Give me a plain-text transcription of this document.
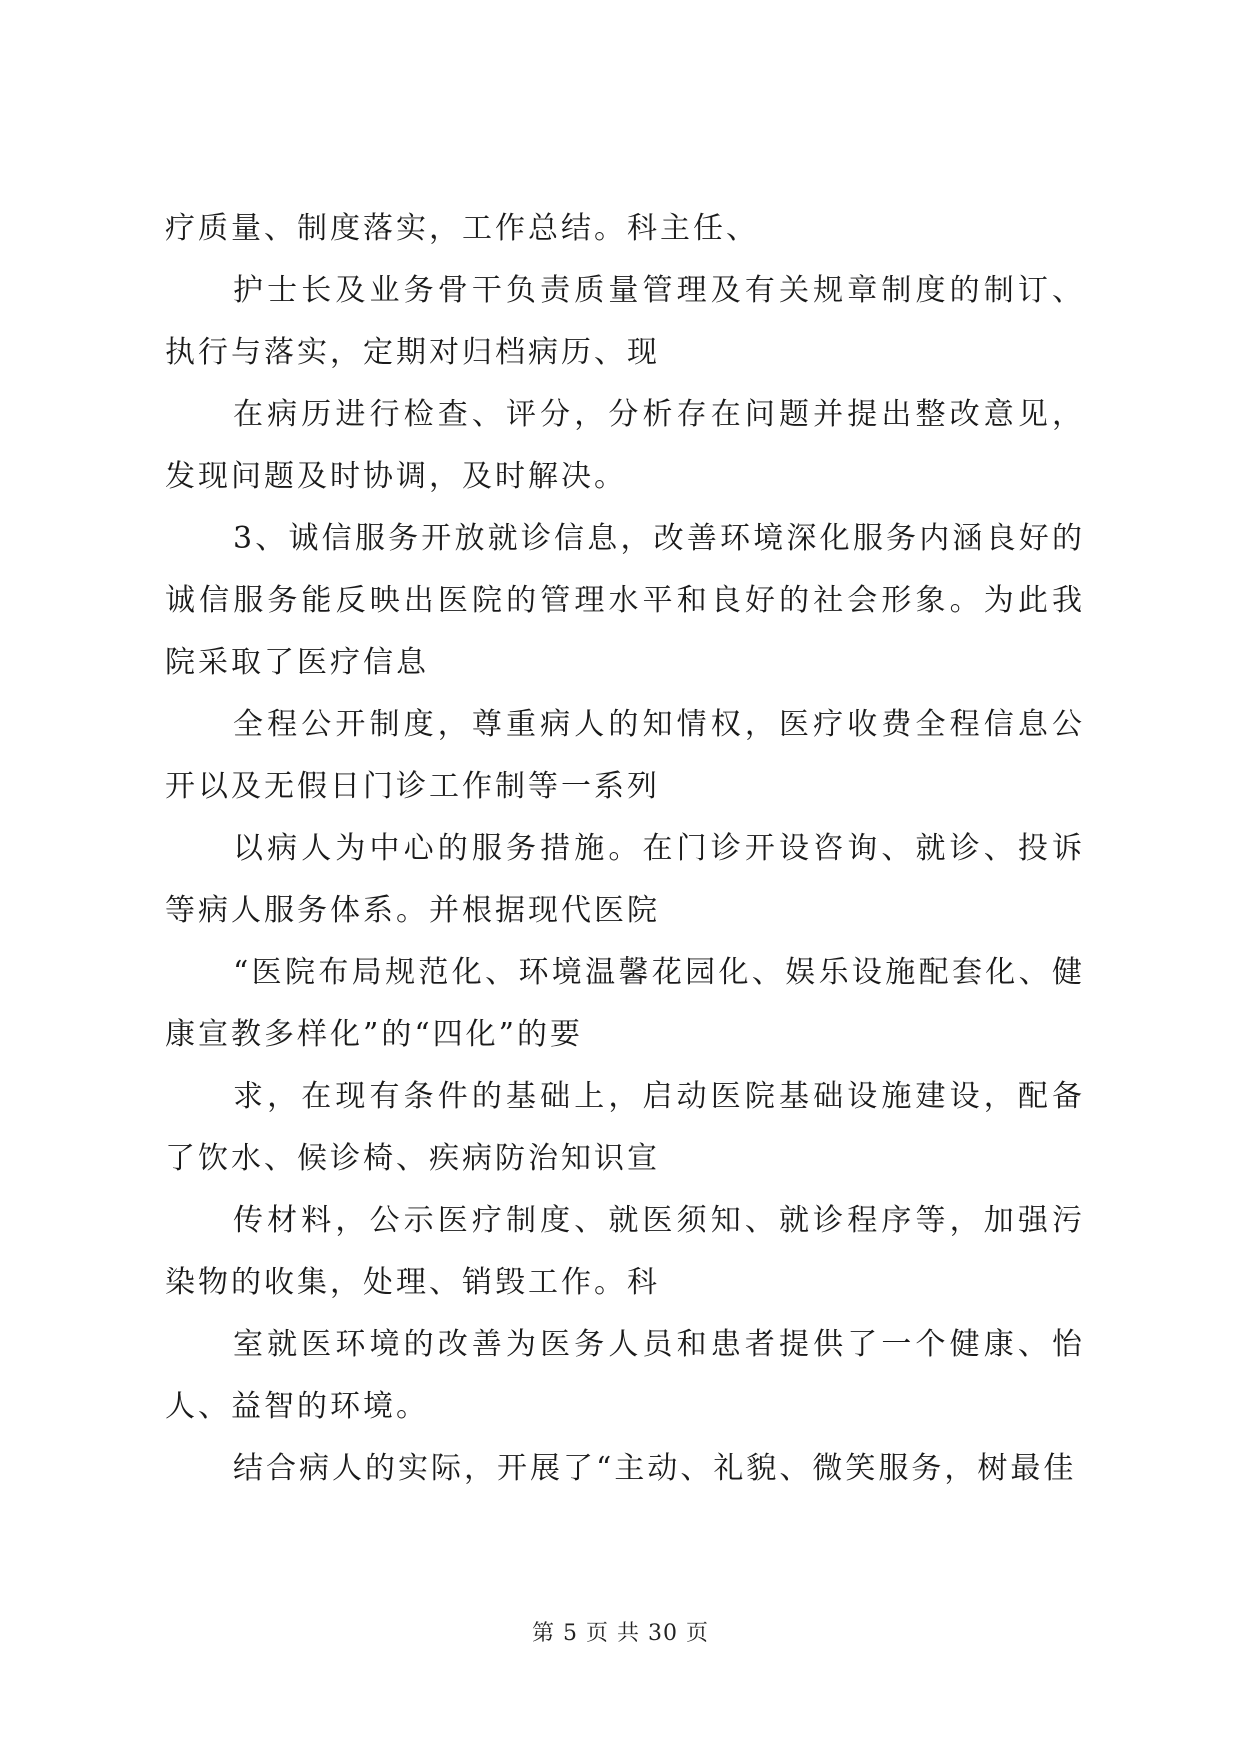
疗质量、制度落实，工作总结。科主任、

护士长及业务骨干负责质量管理及有关规章制度的制订、执行与落实，定期对归档病历、现

在病历进行检查、评分，分析存在问题并提出整改意见，发现问题及时协调，及时解决。

3、诚信服务开放就诊信息，改善环境深化服务内涵良好的诚信服务能反映出医院的管理水平和良好的社会形象。为此我院采取了医疗信息

全程公开制度，尊重病人的知情权，医疗收费全程信息公开以及无假日门诊工作制等一系列

以病人为中心的服务措施。在门诊开设咨询、就诊、投诉等病人服务体系。并根据现代医院

“医院布局规范化、环境温馨花园化、娱乐设施配套化、健康宣教多样化”的“四化”的要

求，在现有条件的基础上，启动医院基础设施建设，配备了饮水、候诊椅、疾病防治知识宣

传材料，公示医疗制度、就医须知、就诊程序等，加强污染物的收集，处理、销毁工作。科

室就医环境的改善为医务人员和患者提供了一个健康、怡人、益智的环境。

结合病人的实际，开展了“主动、礼貌、微笑服务，树最佳

第 5 页 共 30 页
